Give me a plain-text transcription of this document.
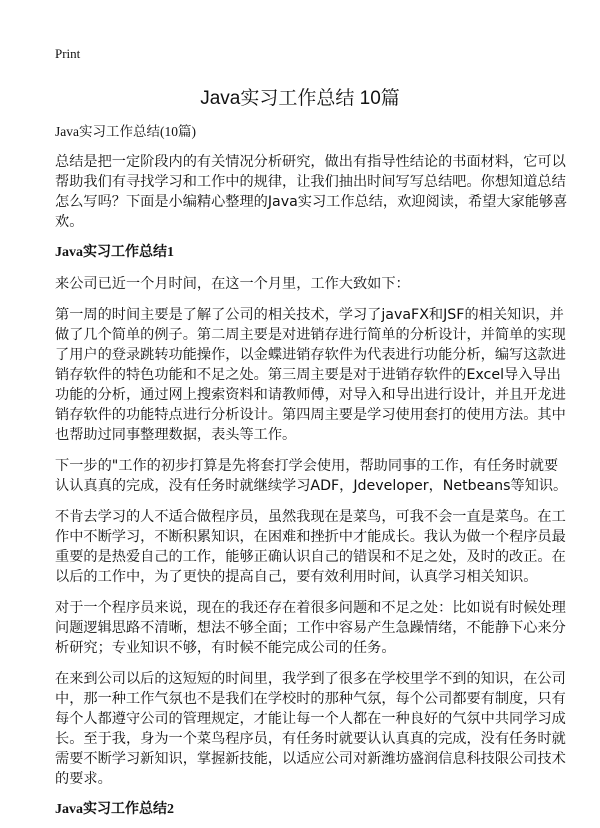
Print
Java实习工作总结 10篇
Java实习工作总结(10篇)
总结是把一定阶段内的有关情况分析研究，做出有指导性结论的书面材料，它可以
帮助我们有寻找学习和工作中的规律，让我们抽出时间写写总结吧。你想知道总结
怎么写吗？下面是小编精心整理的Java实习工作总结，欢迎阅读，希望大家能够喜
欢。
Java实习工作总结1
来公司已近一个月时间，在这一个月里，工作大致如下：
第一周的时间主要是了解了公司的相关技术，学习了javaFX和JSF的相关知识，并
做了几个简单的例子。第二周主要是对进销存进行简单的分析设计，并简单的实现
了用户的登录跳转功能操作，以金蝶进销存软件为代表进行功能分析，编写这款进
销存软件的特色功能和不足之处。第三周主要是对于进销存软件的Excel导入导出
功能的分析，通过网上搜索资料和请教师傅，对导入和导出进行设计，并且开龙进
销存软件的功能特点进行分析设计。第四周主要是学习使用套打的使用方法。其中
也帮助过同事整理数据，表头等工作。
下一步的"工作的初步打算是先将套打学会使用，帮助同事的工作，有任务时就要
认认真真的完成，没有任务时就继续学习ADF，Jdeveloper，Netbeans等知识。
不肯去学习的人不适合做程序员，虽然我现在是菜鸟，可我不会一直是菜鸟。在工
作中不断学习，不断积累知识，在困难和挫折中才能成长。我认为做一个程序员最
重要的是热爱自己的工作，能够正确认识自己的错误和不足之处，及时的改正。在
以后的工作中，为了更快的提高自己，要有效利用时间，认真学习相关知识。
对于一个程序员来说，现在的我还存在着很多问题和不足之处：比如说有时候处理
问题逻辑思路不清晰，想法不够全面；工作中容易产生急躁情绪，不能静下心来分
析研究；专业知识不够，有时候不能完成公司的任务。
在来到公司以后的这短短的时间里，我学到了很多在学校里学不到的知识，在公司
中，那一种工作气氛也不是我们在学校时的那种气氛，每个公司都要有制度，只有
每个人都遵守公司的管理规定，才能让每一个人都在一种良好的气氛中共同学习成
长。至于我，身为一个菜鸟程序员，有任务时就要认认真真的完成，没有任务时就
需要不断学习新知识，掌握新技能，以适应公司对新潍坊盛润信息科技限公司技术
的要求。
Java实习工作总结2
